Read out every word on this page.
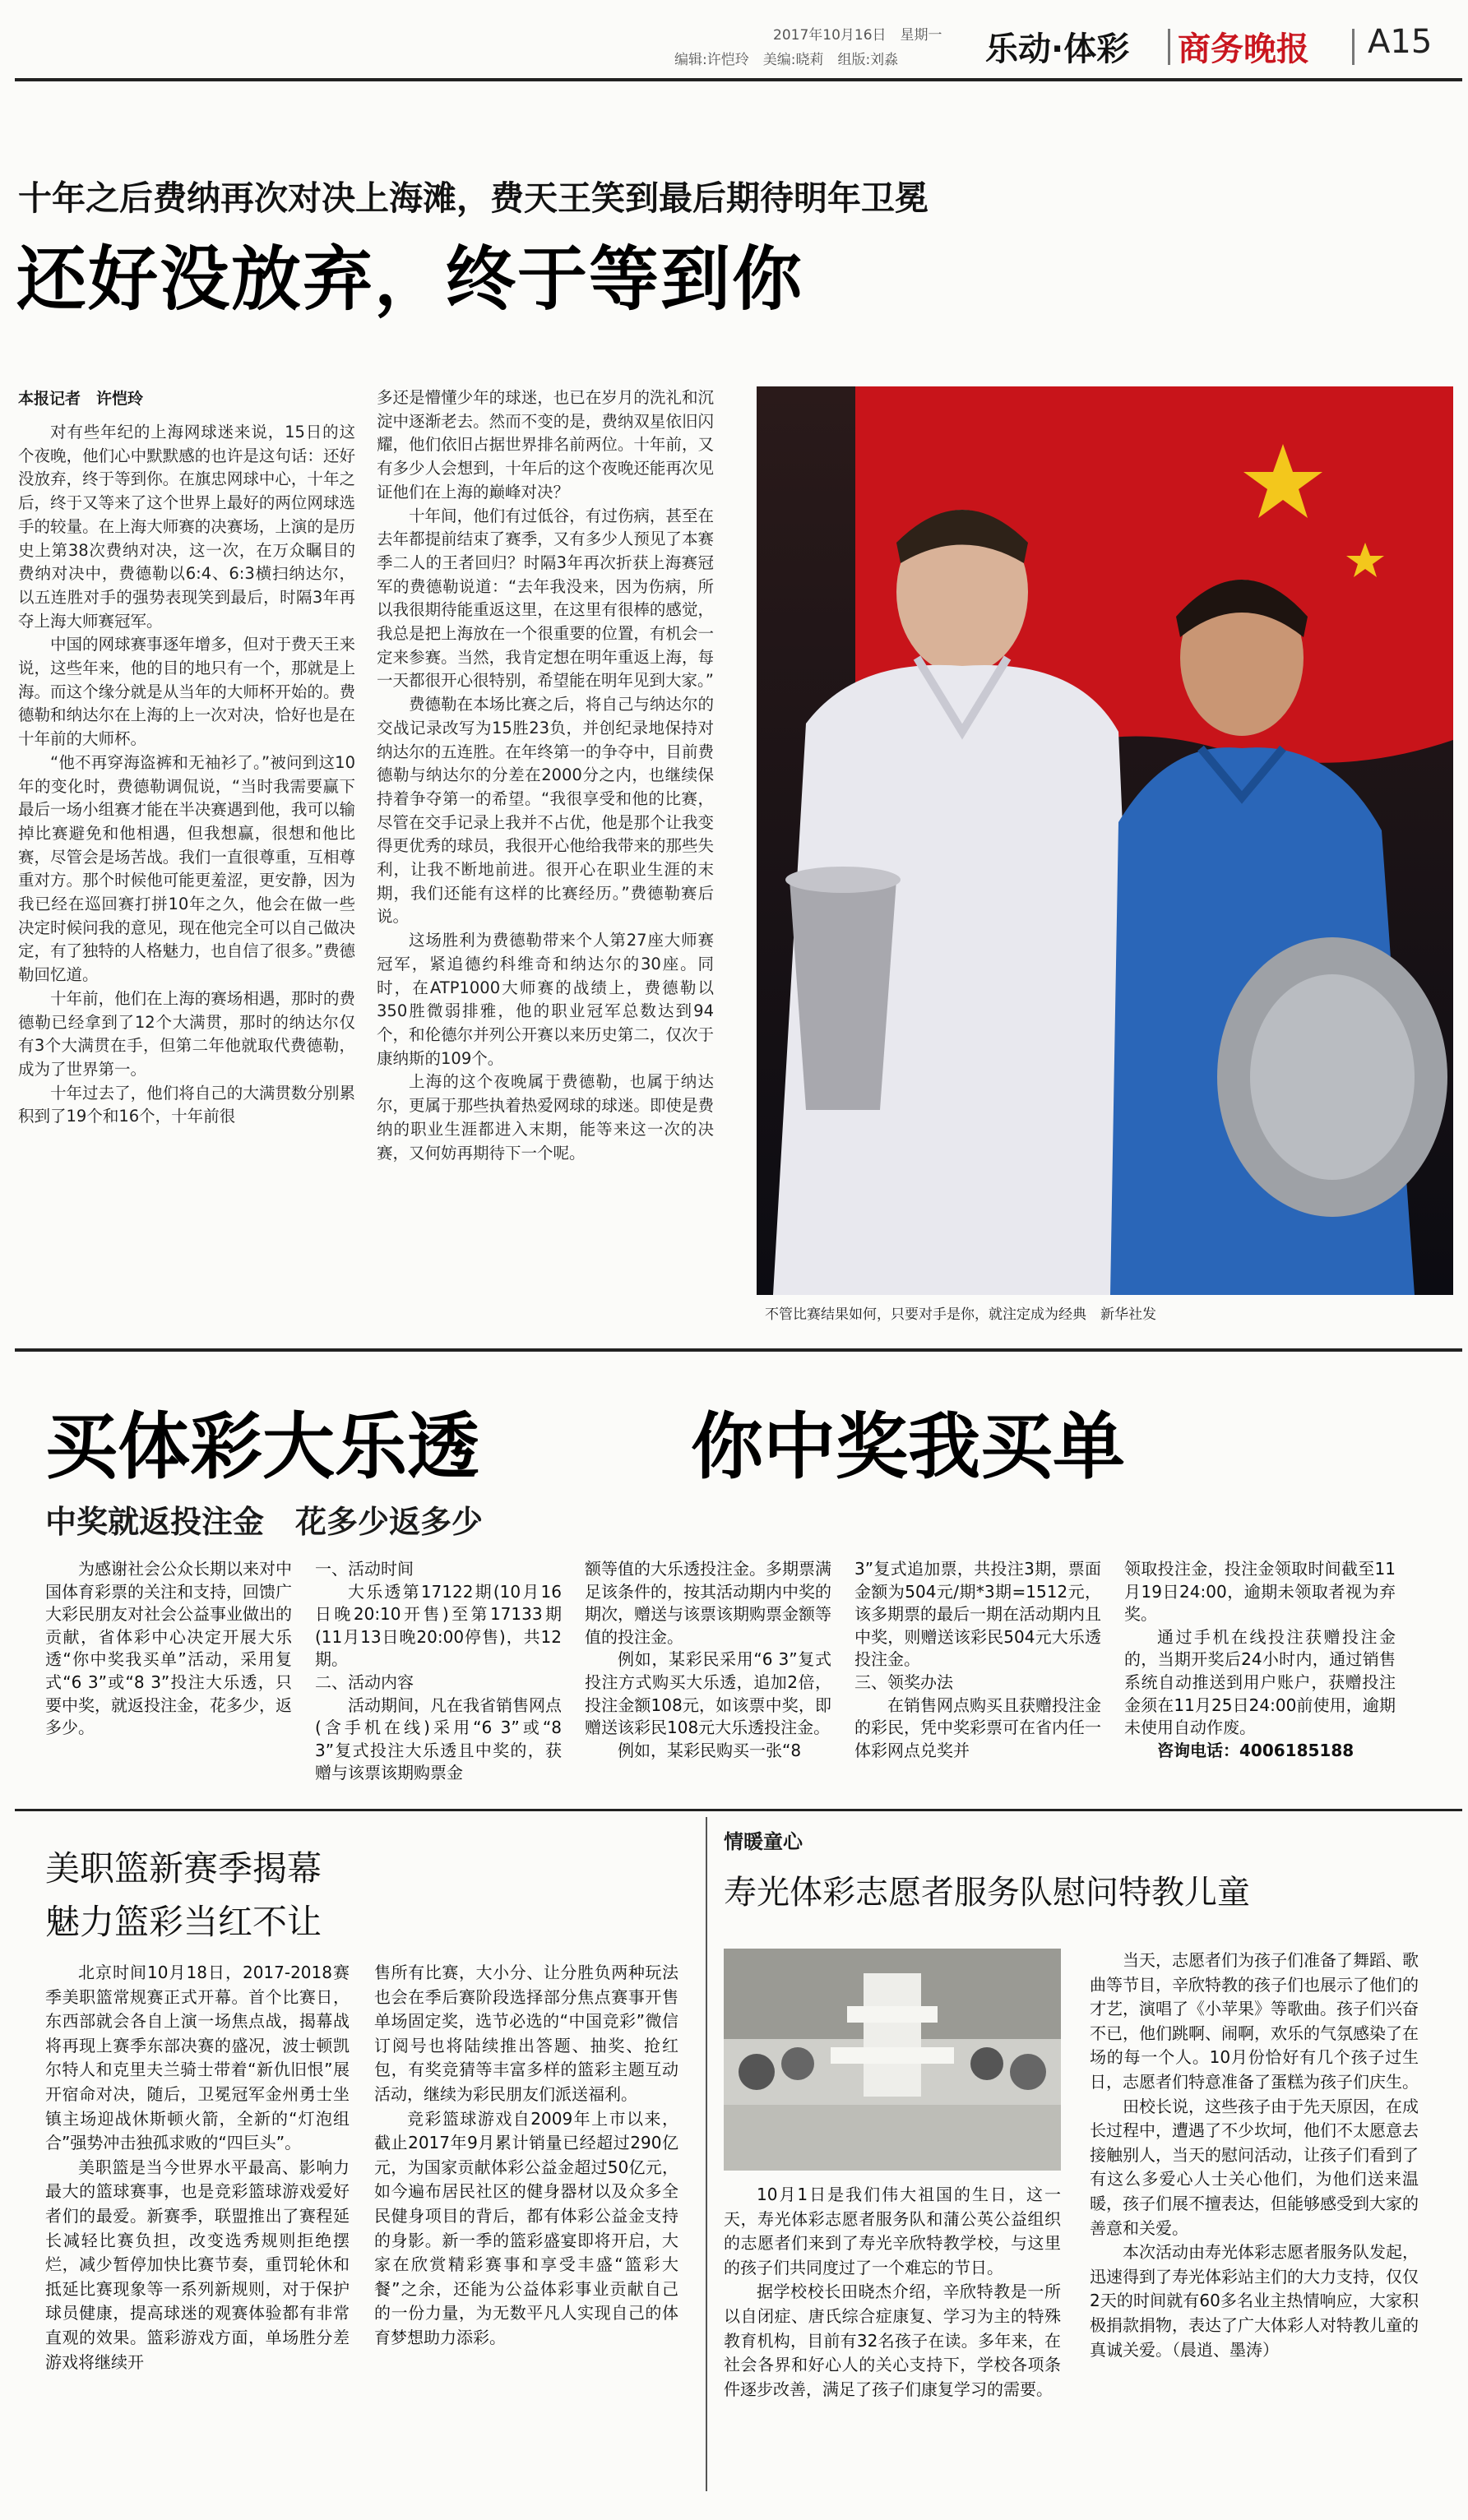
2017年10月16日　星期一
编辑:许恺玲　美编:晓莉　组版:刘淼	乐动·体彩 商务晚报 A15
十年之后费纳再次对决上海滩，费天王笑到最后期待明年卫冕
还好没放弃，终于等到你
本报记者　许恺玲

对有些年纪的上海网球迷来说，15日的这个夜晚，他们心中默默感的也许是这句话：还好没放弃，终于等到你。在旗忠网球中心，十年之后，终于又等来了这个世界上最好的两位网球选手的较量。在上海大师赛的决赛场，上演的是历史上第38次费纳对决，这一次，在万众瞩目的费纳对决中，费德勒以6:4、6:3横扫纳达尔，以五连胜对手的强势表现笑到最后，时隔3年再夺上海大师赛冠军。

中国的网球赛事逐年增多，但对于费天王来说，这些年来，他的目的地只有一个，那就是上海。而这个缘分就是从当年的大师杯开始的。费德勒和纳达尔在上海的上一次对决，恰好也是在十年前的大师杯。

“他不再穿海盗裤和无袖衫了。”被问到这10年的变化时，费德勒调侃说，“当时我需要赢下最后一场小组赛才能在半决赛遇到他，我可以输掉比赛避免和他相遇，但我想赢，很想和他比赛，尽管会是场苦战。我们一直很尊重，互相尊重对方。那个时候他可能更羞涩，更安静，因为我已经在巡回赛打拼10年之久，他会在做一些决定时候问我的意见，现在他完全可以自己做决定，有了独特的人格魅力，也自信了很多。”费德勒回忆道。

十年前，他们在上海的赛场相遇，那时的费德勒已经拿到了12个大满贯，那时的纳达尔仅有3个大满贯在手，但第二年他就取代费德勒，成为了世界第一。

十年过去了，他们将自己的大满贯数分别累积到了19个和16个，十年前很

多还是懵懂少年的球迷，也已在岁月的洗礼和沉淀中逐渐老去。然而不变的是，费纳双星依旧闪耀，他们依旧占据世界排名前两位。十年前，又有多少人会想到，十年后的这个夜晚还能再次见证他们在上海的巅峰对决？

十年间，他们有过低谷，有过伤病，甚至在去年都提前结束了赛季，又有多少人预见了本赛季二人的王者回归？时隔3年再次折获上海赛冠军的费德勒说道：“去年我没来，因为伤病，所以我很期待能重返这里，在这里有很棒的感觉，我总是把上海放在一个很重要的位置，有机会一定来参赛。当然，我肯定想在明年重返上海，每一天都很开心很特别，希望能在明年见到大家。”

费德勒在本场比赛之后，将自己与纳达尔的交战记录改写为15胜23负，并创纪录地保持对纳达尔的五连胜。在年终第一的争夺中，目前费德勒与纳达尔的分差在2000分之内，也继续保持着争夺第一的希望。“我很享受和他的比赛，尽管在交手记录上我并不占优，他是那个让我变得更优秀的球员，我很开心他给我带来的那些失利，让我不断地前进。很开心在职业生涯的末期，我们还能有这样的比赛经历。”费德勒赛后说。

这场胜利为费德勒带来个人第27座大师赛冠军，紧追德约科维奇和纳达尔的30座。同时，在ATP1000大师赛的战绩上，费德勒以350胜微弱排雅，他的职业冠军总数达到94个，和伦德尔并列公开赛以来历史第二，仅次于康纳斯的109个。

上海的这个夜晚属于费德勒，也属于纳达尔，更属于那些执着热爱网球的球迷。即使是费纳的职业生涯都进入末期，能等来这一次的决赛，又何妨再期待下一个呢。

不管比赛结果如何，只要对手是你，就注定成为经典　新华社发
买体彩大乐透	你中奖我买单
中奖就返投注金　花多少返多少

为感谢社会公众长期以来对中国体育彩票的关注和支持，回馈广大彩民朋友对社会公益事业做出的贡献，省体彩中心决定开展大乐透“你中奖我买单”活动，采用复式“6 3”或“8 3”投注大乐透，只要中奖，就返投注金，花多少，返多少。

一、活动时间

大乐透第17122期(10月16日晚20:10开售)至第17133期(11月13日晚20:00停售)，共12期。

二、活动内容

活动期间，凡在我省销售网点(含手机在线)采用“6 3”或“8 3”复式投注大乐透且中奖的，获赠与该票该期购票金

额等值的大乐透投注金。多期票满足该条件的，按其活动期内中奖的期次，赠送与该票该期购票金额等值的投注金。

例如，某彩民采用“6 3”复式投注方式购买大乐透，追加2倍，投注金额108元，如该票中奖，即赠送该彩民108元大乐透投注金。

例如，某彩民购买一张“8

3”复式追加票，共投注3期，票面金额为504元/期*3期=1512元，该多期票的最后一期在活动期内且中奖，则赠送该彩民504元大乐透投注金。

三、领奖办法

在销售网点购买且获赠投注金的彩民，凭中奖彩票可在省内任一体彩网点兑奖并

领取投注金，投注金领取时间截至11月19日24:00，逾期未领取者视为弃奖。

通过手机在线投注获赠投注金的，当期开奖后24小时内，通过销售系统自动推送到用户账户，获赠投注金须在11月25日24:00前使用，逾期未使用自动作废。

咨询电话：4006185188

美职篮新赛季揭幕
魅力篮彩当红不让

北京时间10月18日，2017-2018赛季美职篮常规赛正式开幕。首个比赛日，东西部就会各自上演一场焦点战，揭幕战将再现上赛季东部决赛的盛况，波士顿凯尔特人和克里夫兰骑士带着“新仇旧恨”展开宿命对决，随后，卫冕冠军金州勇士坐镇主场迎战休斯顿火箭，全新的“灯泡组合”强势冲击独孤求败的“四巨头”。

美职篮是当今世界水平最高、影响力最大的篮球赛事，也是竞彩篮球游戏爱好者们的最爱。新赛季，联盟推出了赛程延长减轻比赛负担，改变选秀规则拒绝摆烂，减少暂停加快比赛节奏，重罚轮休和抵延比赛现象等一系列新规则，对于保护球员健康，提高球迷的观赛体验都有非常直观的效果。篮彩游戏方面，单场胜分差游戏将继续开

售所有比赛，大小分、让分胜负两种玩法也会在季后赛阶段选择部分焦点赛事开售单场固定奖，选节必选的“中国竞彩”微信订阅号也将陆续推出答题、抽奖、抢红包，有奖竞猜等丰富多样的篮彩主题互动活动，继续为彩民朋友们派送福利。

竞彩篮球游戏自2009年上市以来，截止2017年9月累计销量已经超过290亿元，为国家贡献体彩公益金超过50亿元，如今遍布居民社区的健身器材以及众多全民健身项目的背后，都有体彩公益金支持的身影。新一季的篮彩盛宴即将开启，大家在欣赏精彩赛事和享受丰盛“篮彩大餐”之余，还能为公益体彩事业贡献自己的一份力量，为无数平凡人实现自己的体育梦想助力添彩。

情暖童心
寿光体彩志愿者服务队慰问特教儿童

10月1日是我们伟大祖国的生日，这一天，寿光体彩志愿者服务队和蒲公英公益组织的志愿者们来到了寿光辛欣特教学校，与这里的孩子们共同度过了一个难忘的节日。

据学校校长田晓杰介绍，辛欣特教是一所以自闭症、唐氏综合症康复、学习为主的特殊教育机构，目前有32名孩子在读。多年来，在社会各界和好心人的关心支持下，学校各项条件逐步改善，满足了孩子们康复学习的需要。

当天，志愿者们为孩子们准备了舞蹈、歌曲等节目，辛欣特教的孩子们也展示了他们的才艺，演唱了《小苹果》等歌曲。孩子们兴奋不已，他们跳啊、闹啊，欢乐的气氛感染了在场的每一个人。10月份恰好有几个孩子过生日，志愿者们特意准备了蛋糕为孩子们庆生。

田校长说，这些孩子由于先天原因，在成长过程中，遭遇了不少坎坷，他们不太愿意去接触别人，当天的慰问活动，让孩子们看到了有这么多爱心人士关心他们，为他们送来温暖，孩子们展不擅表达，但能够感受到大家的善意和关爱。

本次活动由寿光体彩志愿者服务队发起，迅速得到了寿光体彩站主们的大力支持，仅仅2天的时间就有60多名业主热情响应，大家积极捐款捐物，表达了广大体彩人对特教儿童的真诚关爱。（晨逍、墨涛）
